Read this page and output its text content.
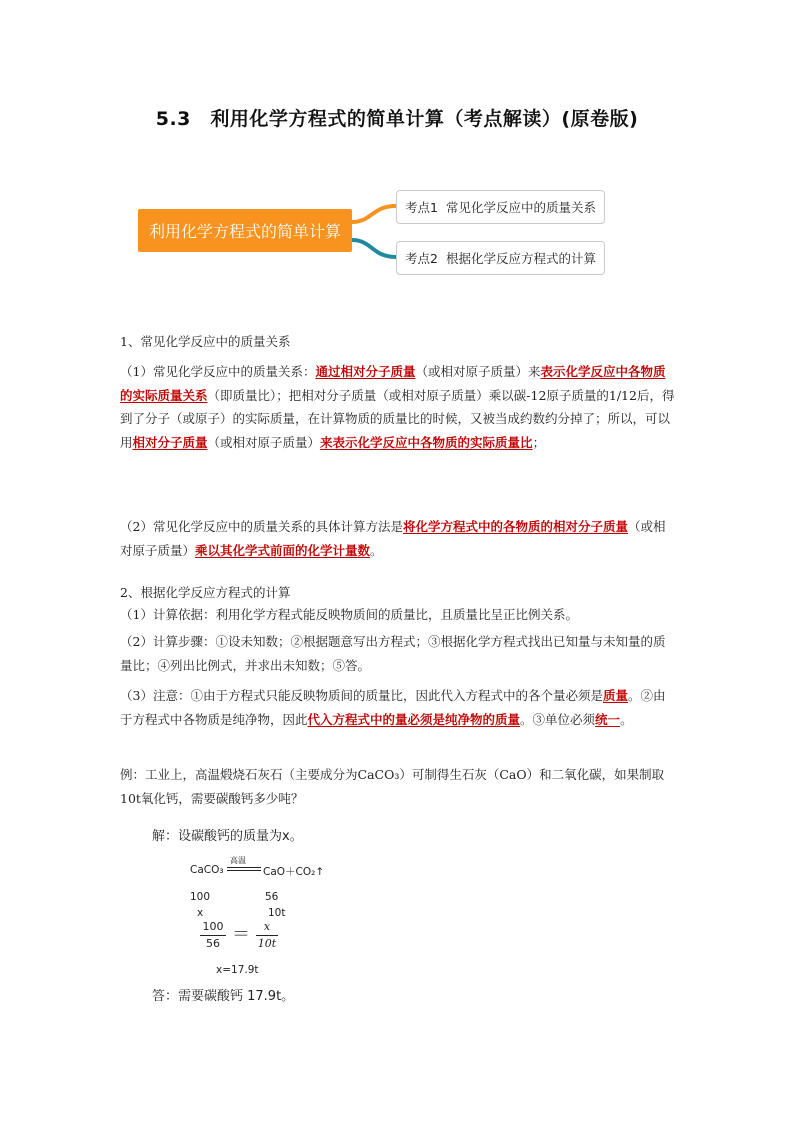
5.3　利用化学方程式的简单计算（考点解读）(原卷版)
利用化学方程式的简单计算
考点1 常见化学反应中的质量关系
考点2 根据化学反应方程式的计算
1、常见化学反应中的质量关系
（1）常见化学反应中的质量关系：通过相对分子质量（或相对原子质量）来表示化学反应中各物质的实际质量关系（即质量比）；把相对分子质量（或相对原子质量）乘以碳-12原子质量的1/12后，得到了分子（或原子）的实际质量，在计算物质的质量比的时候，又被当成约数约分掉了；所以，可以用相对分子质量（或相对原子质量）来表示化学反应中各物质的实际质量比；
（2）常见化学反应中的质量关系的具体计算方法是将化学方程式中的各物质的相对分子质量（或相对原子质量）乘以其化学式前面的化学计量数。
2、根据化学反应方程式的计算
（1）计算依据：利用化学方程式能反映物质间的质量比，且质量比呈正比例关系。
（2）计算步骤：①设未知数；②根据题意写出方程式；③根据化学方程式找出已知量与未知量的质量比；④列出比例式，并求出未知数；⑤答。
（3）注意：①由于方程式只能反映物质间的质量比，因此代入方程式中的各个量必须是质量。②由于方程式中各物质是纯净物，因此代入方程式中的量必须是纯净物的质量。③单位必须统一。
例：工业上，高温煅烧石灰石（主要成分为CaCO₃）可制得生石灰（CaO）和二氧化碳，如果制取10t氧化钙，需要碳酸钙多少吨？
解：设碳酸钙的质量为x。
CaCO₃
高温
CaO＋CO₂↑
100	56
x	10t
100
56 ＝	x
10t
x=17.9t
答：需要碳酸钙 17.9t。
